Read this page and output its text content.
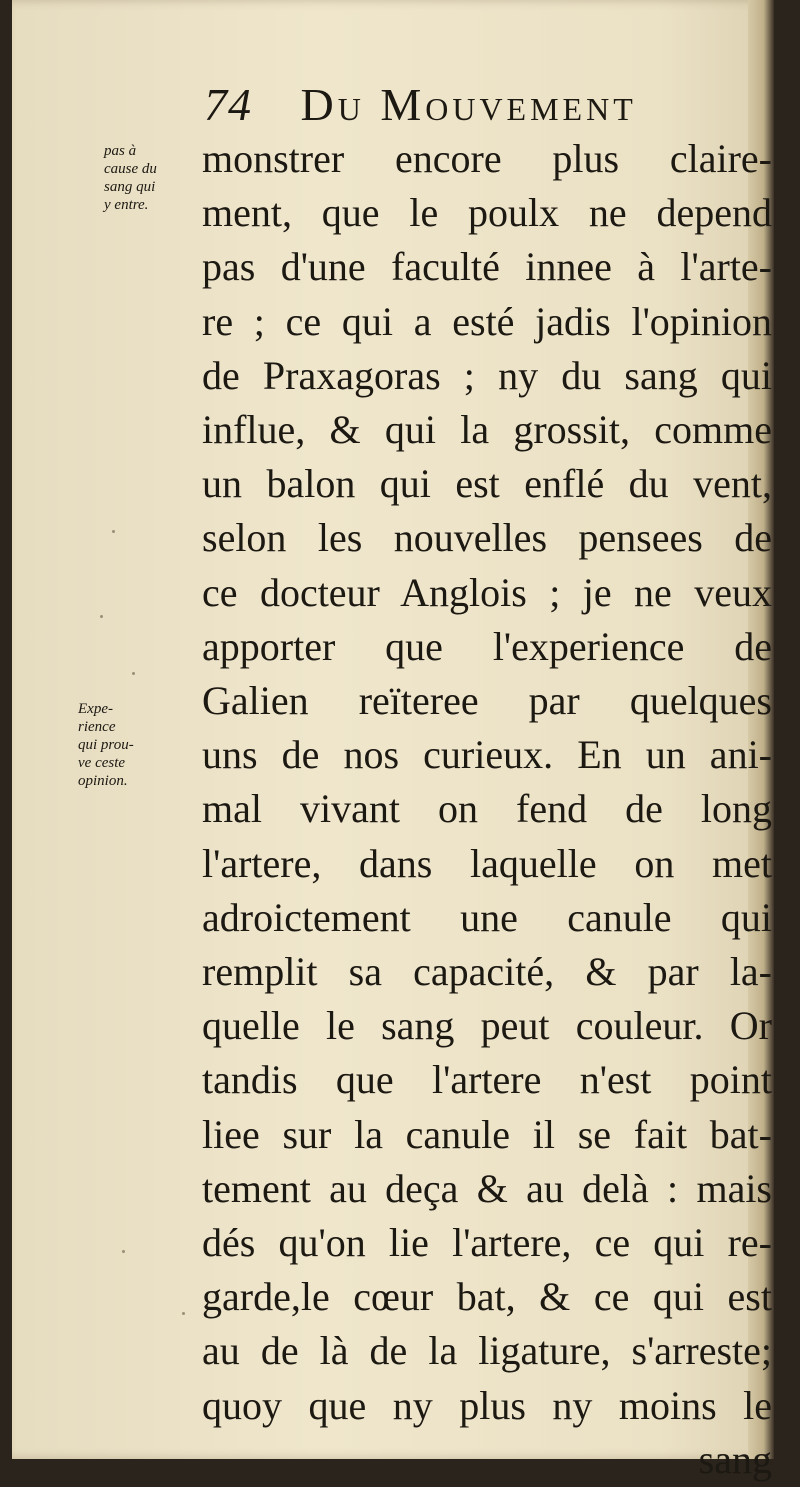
74 Du Mouvement
pas à
cause du
sang qui
y entre.
Expe-
rience
qui prou-
ve ceste
opinion.
monstrer encore plus claire-
ment, que le poulx ne depend
pas d'une faculté innee à l'arte-
re ; ce qui a esté jadis l'opinion
de Praxagoras ; ny du sang qui
influe, & qui la grossit, comme
un balon qui est enflé du vent,
selon les nouvelles pensees de
ce docteur Anglois ; je ne veux
apporter que l'experience de
Galien reïteree par quelques
uns de nos curieux. En un ani-
mal vivant on fend de long
l'artere, dans laquelle on met
adroictement une canule qui
remplit sa capacité, & par la-
quelle le sang peut couleur. Or
tandis que l'artere n'est point
liee sur la canule il se fait bat-
tement au deça & au delà : mais
dés qu'on lie l'artere, ce qui re-
garde,le cœur bat, & ce qui est
au de là de la ligature, s'arreste;
quoy que ny plus ny moins le
sang
